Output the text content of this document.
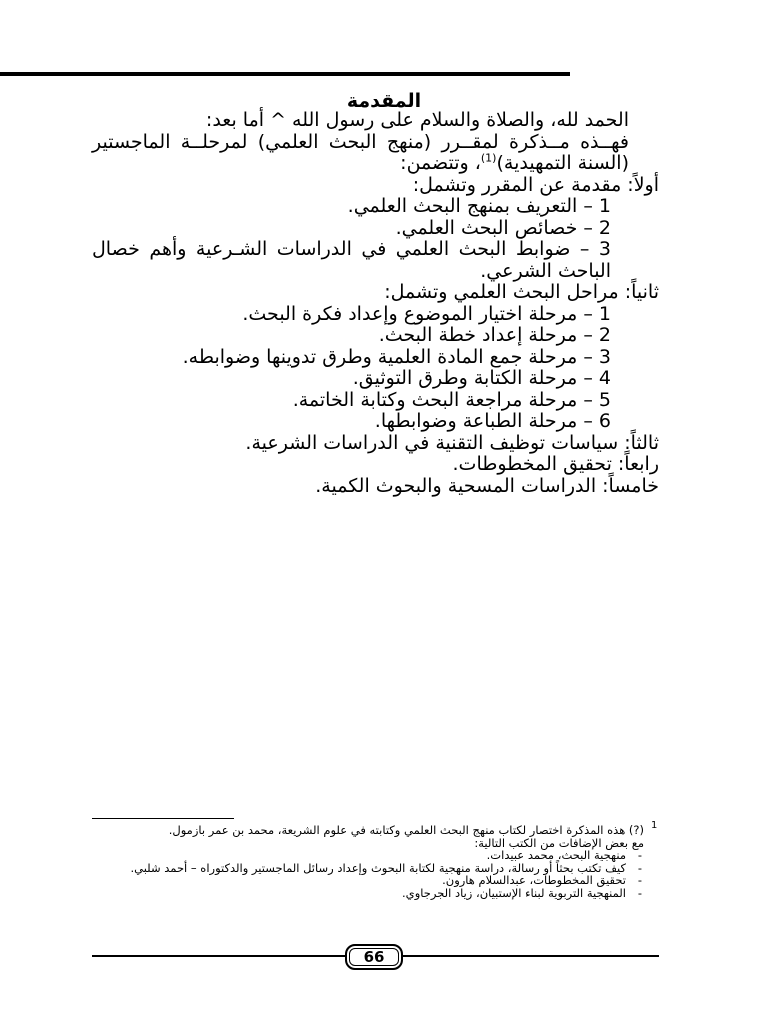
المقدمة

الحمد لله، والصلاة والسلام على رسول الله ^ أما بعد:

فهــذه مــذكرة لمقــرر (منهج البحث العلمي) لمرحلــة الماجستير (السنة التمهيدية)$^{(1)}$، وتتضمن:

أولاً: مقدمة عن المقرر وتشمل:

1 – التعريف بمنهج البحث العلمي.

2 – خصائص البحث العلمي.

3 – ضوابط البحث العلمي في الدراسات الشـرعية وأهم خصال الباحث الشرعي.

ثانياً: مراحل البحث العلمي وتشمل:

1 – مرحلة اختيار الموضوع وإعداد فكرة البحث.

2 – مرحلة إعداد خطة البحث.

3 – مرحلة جمع المادة العلمية وطرق تدوينها وضوابطه.

4 – مرحلة الكتابة وطرق التوثيق.

5 – مرحلة مراجعة البحث وكتابة الخاتمة.

6 – مرحلة الطباعة وضوابطها.

ثالثاً: سياسات توظيف التقنية في الدراسات الشرعية.

رابعاً: تحقيق المخطوطات.

خامساً: الدراسات المسحية والبحوث الكمية.

1

(?) هذه المذكرة اختصار لكتاب منهج البحث العلمي وكتابته في علوم الشريعة، محمد بن عمر بازمول.

مع بعض الإضافات من الكتب التالية:

-
منهجية البحث، محمد عبيدات.

-
كيف تكتب بحثاً أو رسالة، دراسة منهجية لكتابة البحوث وإعداد رسائل الماجستير والدكتوراه – أحمد شلبي.

-
تحقيق المخطوطات، عبدالسلام هارون.

-
المنهجية التربوية لبناء الإستبيان، زياد الجرجاوي.

66
